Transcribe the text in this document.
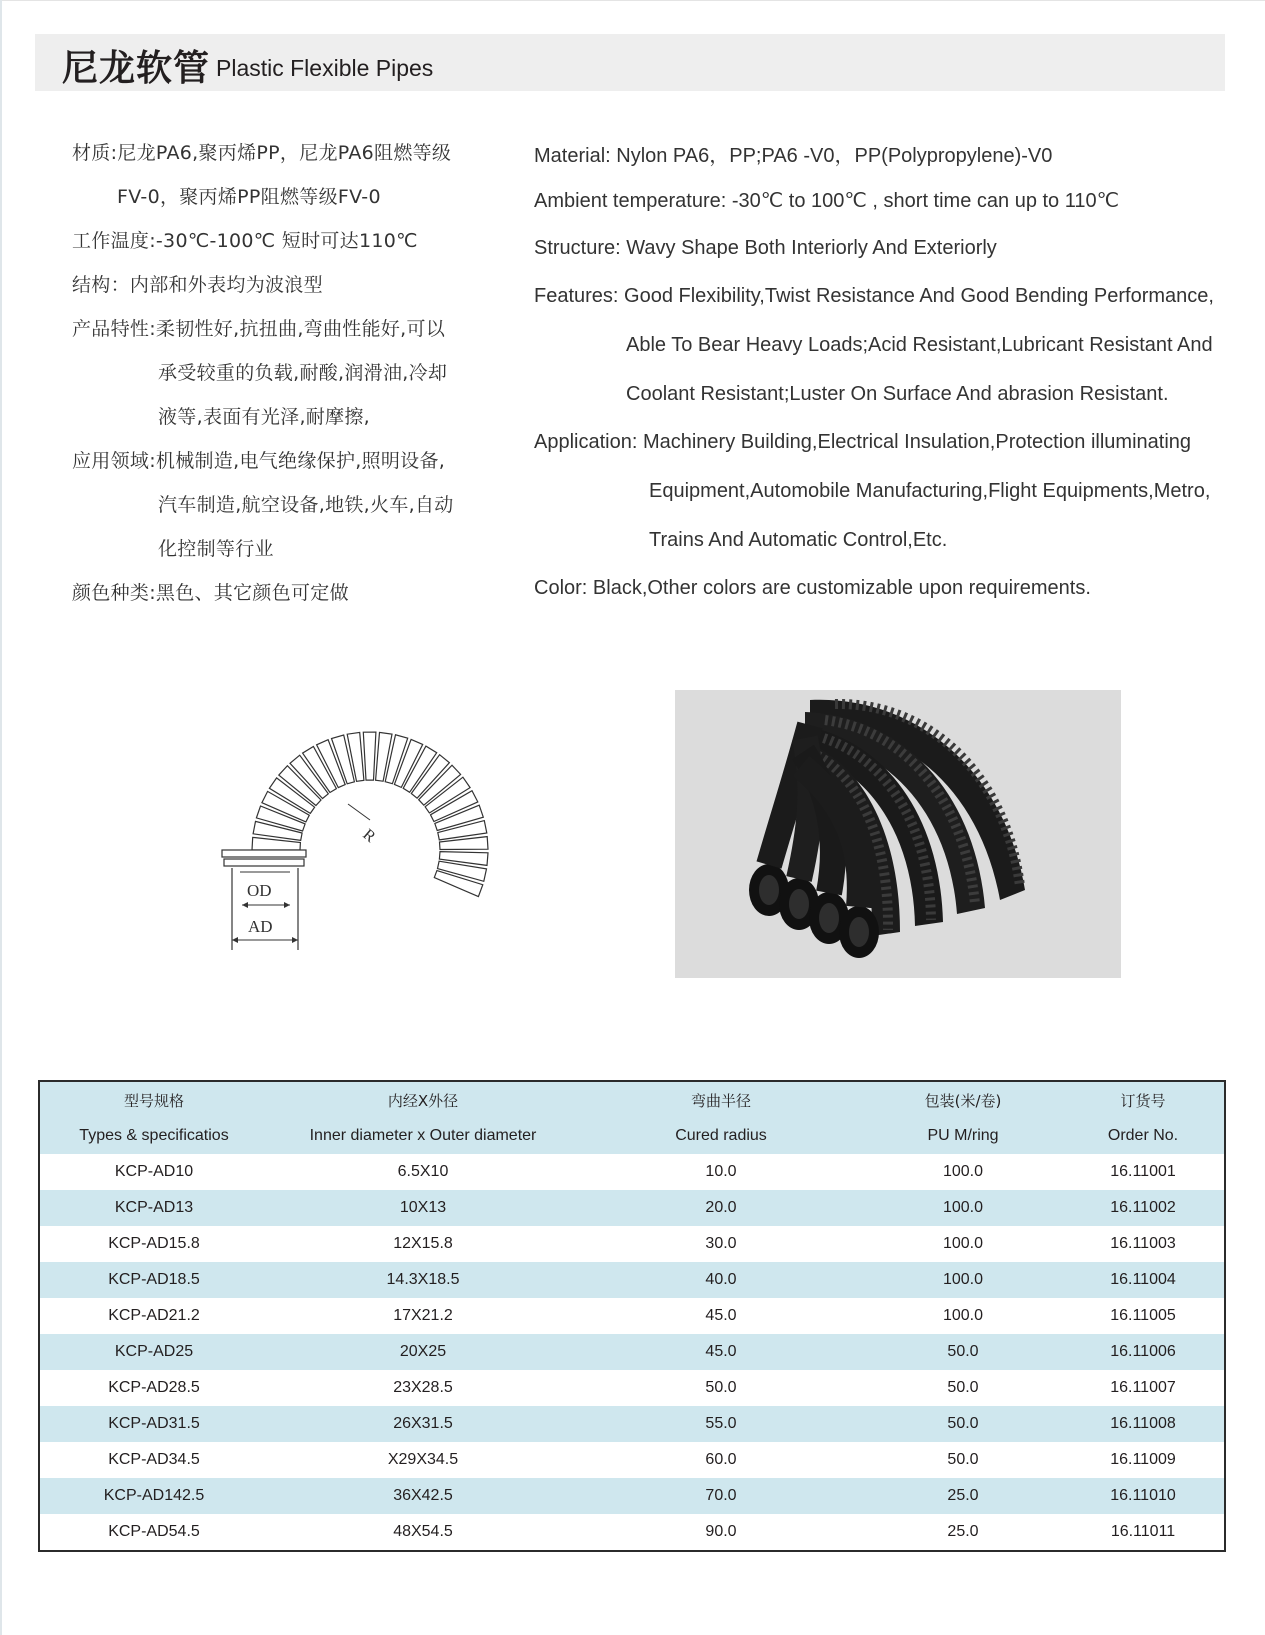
尼龙软管 Plastic Flexible Pipes
材质:尼龙PA6,聚丙烯PP，尼龙PA6阻燃等级
FV-0，聚丙烯PP阻燃等级FV-0
工作温度:-30℃-100℃ 短时可达110℃
结构：内部和外表均为波浪型
产品特性:柔韧性好,抗扭曲,弯曲性能好,可以
承受较重的负载,耐酸,润滑油,冷却
液等,表面有光泽,耐摩擦,
应用领域:机械制造,电气绝缘保护,照明设备,
汽车制造,航空设备,地铁,火车,自动
化控制等行业
颜色种类:黑色、其它颜色可定做
Material: Nylon PA6，PP;PA6 -V0，PP(Polypropylene)-V0
Ambient temperature: -30℃ to 100℃ , short time can up to 110℃
Structure: Wavy Shape Both Interiorly And Exteriorly
Features: Good Flexibility,Twist Resistance And Good Bending Performance,
Able To Bear Heavy Loads;Acid Resistant,Lubricant Resistant And
Coolant Resistant;Luster On Surface And abrasion Resistant.
Application: Machinery Building,Electrical Insulation,Protection illuminating
Equipment,Automobile Manufacturing,Flight Equipments,Metro,
Trains And Automatic Control,Etc.
Color: Black,Other colors are customizable upon requirements.
R
OD
AD
型号规格	内经X外径	弯曲半径	包装(米/卷)	订货号
Types & specificatios	Inner diameter x Outer diameter	Cured radius	PU M/ring	Order No.
KCP-AD10	6.5X10	10.0	100.0	16.11001
KCP-AD13	10X13	20.0	100.0	16.11002
KCP-AD15.8	12X15.8	30.0	100.0	16.11003
KCP-AD18.5	14.3X18.5	40.0	100.0	16.11004
KCP-AD21.2	17X21.2	45.0	100.0	16.11005
KCP-AD25	20X25	45.0	50.0	16.11006
KCP-AD28.5	23X28.5	50.0	50.0	16.11007
KCP-AD31.5	26X31.5	55.0	50.0	16.11008
KCP-AD34.5	X29X34.5	60.0	50.0	16.11009
KCP-AD142.5	36X42.5	70.0	25.0	16.11010
KCP-AD54.5	48X54.5	90.0	25.0	16.11011
